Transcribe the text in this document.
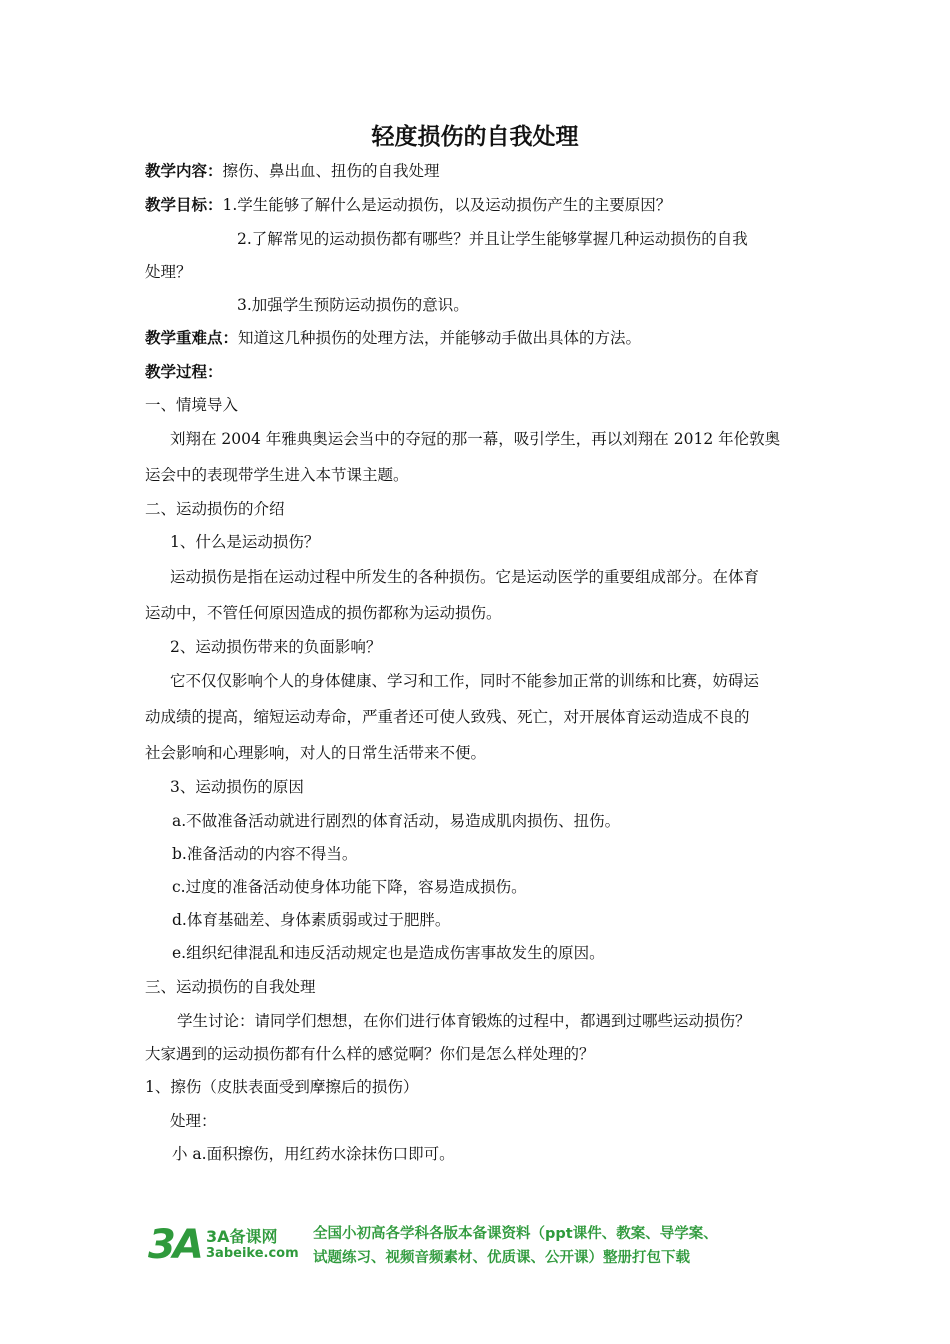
轻度损伤的自我处理
教学内容：擦伤、鼻出血、扭伤的自我处理
教学目标：1.学生能够了解什么是运动损伤，以及运动损伤产生的主要原因？
2.了解常见的运动损伤都有哪些？并且让学生能够掌握几种运动损伤的自我
处理？
3.加强学生预防运动损伤的意识。
教学重难点：知道这几种损伤的处理方法，并能够动手做出具体的方法。
教学过程：
一、情境导入
刘翔在 2004 年雅典奥运会当中的夺冠的那一幕，吸引学生，再以刘翔在 2012 年伦敦奥
运会中的表现带学生进入本节课主题。
二、运动损伤的介绍
1、什么是运动损伤？
运动损伤是指在运动过程中所发生的各种损伤。它是运动医学的重要组成部分。在体育
运动中，不管任何原因造成的损伤都称为运动损伤。
2、运动损伤带来的负面影响？
它不仅仅影响个人的身体健康、学习和工作，同时不能参加正常的训练和比赛，妨碍运
动成绩的提高，缩短运动寿命，严重者还可使人致残、死亡，对开展体育运动造成不良的
社会影响和心理影响，对人的日常生活带来不便。
3、运动损伤的原因
a.不做准备活动就进行剧烈的体育活动，易造成肌肉损伤、扭伤。
b.准备活动的内容不得当。
c.过度的准备活动使身体功能下降，容易造成损伤。
d.体育基础差、身体素质弱或过于肥胖。
e.组织纪律混乱和违反活动规定也是造成伤害事故发生的原因。
三、运动损伤的自我处理
学生讨论：请同学们想想，在你们进行体育锻炼的过程中，都遇到过哪些运动损伤？
大家遇到的运动损伤都有什么样的感觉啊？你们是怎么样处理的？
1、擦伤（皮肤表面受到摩擦后的损伤）
处理：
小 a.面积擦伤，用红药水涂抹伤口即可。
3A 3A备课网
3abeike.com
全国小初高各学科各版本备课资料（ppt课件、教案、导学案、
试题练习、视频音频素材、优质课、公开课）整册打包下载
